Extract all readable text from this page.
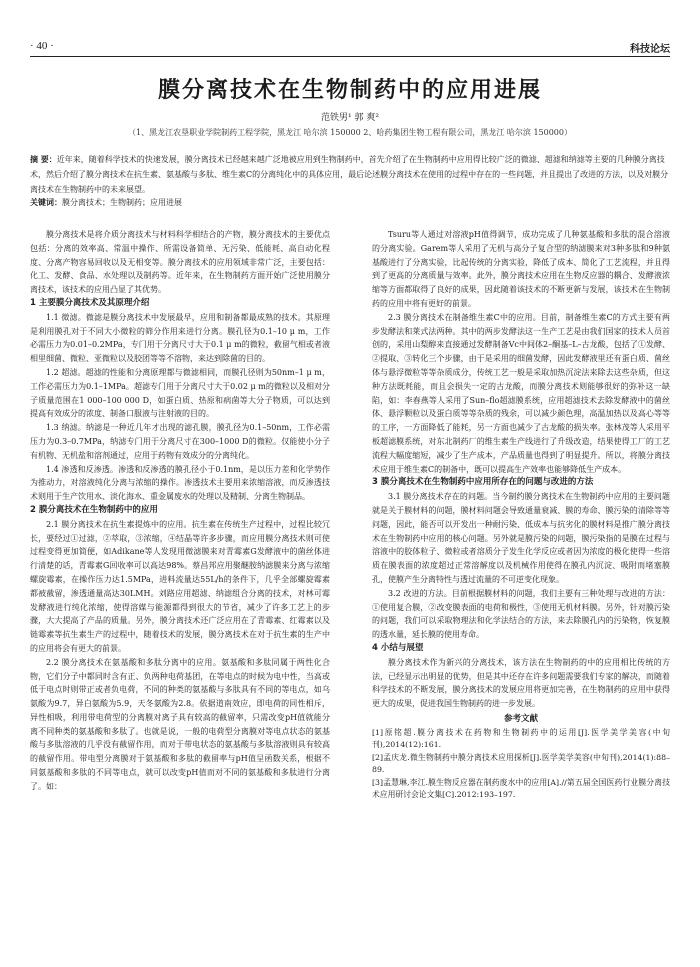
· 40 ·	科技论坛
膜分离技术在生物制药中的应用进展
范铁男¹ 郭 爽²
（1、黑龙江农垦职业学院制药工程学院，黑龙江 哈尔滨 150000 2、哈药集团生物工程有限公司，黑龙江 哈尔滨 150000）
摘 要：近年来，随着科学技术的快速发展，膜分离技术已经越来越广泛地被应用到生物制药中，首先介绍了在生物制药中应用得比较广泛的微滤、超滤和纳滤等主要的几种膜分离技术，然后介绍了膜分离技术在抗生素、氨基酸与多肽、维生素C的分离纯化中的具体应用，最后论述膜分离技术在使用的过程中存在的一些问题，并且提出了改进的方法，以及对膜分离技术在生物制药中的未来展望。
关键词：膜分离技术；生物制药；应用进展

膜分离技术是将介质分离技术与材料科学相结合的产物，膜分离技术的主要优点包括：分离的效率高、常温中操作、所需设备简单、无污染、低能耗、高自动化程度、分离产物容易回收以及无相变等。膜分离技术的应用领域非常广泛，主要包括：化工、发酵、食品、水处理以及制药等。近年来，在生物制药方面开始广泛使用膜分离技术，该技术的应用凸显了其优势。

1 主要膜分离技术及其原理介绍

1.1 微滤。微滤是膜分离技术中发展最早，应用和制备都最成熟的技术。其原理是利用膜孔对于不同大小微粒的筛分作用来进行分离。膜孔径为0.1–10 μ m，工作必需压力为0.01–0.2MPa，专门用于分离尺寸大于0.1 μ m的微粒，截留气相或者液相里细菌、微粒、亚微粒以及胶团等等不溶物，来达到除菌的目的。

1.2 超滤。超滤的性能和分离原理都与微滤相同，而膜孔径则为50nm–1 μ m，工作必需压力为0.1–1MPa。超滤专门用于分离尺寸大于0.02 μ m的微粒以及相对分子质量范围在1 000–100 000 D，如蛋白质、热原和病菌等大分子物质，可以达到提高有效成分的浓度、制备口服液与注射液的目的。

1.3 纳滤。纳滤是一种近几年才出现的滤孔膜，膜孔径为0.1–50nm，工作必需压力为0.3–0.7MPa，纳滤专门用于分离尺寸在300–1000 D的微粒。仅能使小分子有机物、无机盐和溶剂通过，应用于药物有效成分的分离纯化。

1.4 渗透和反渗透。渗透和反渗透的膜孔径小于0.1nm，是以压力差和化学势作为推动力，对溶液纯化分离与浓缩的操作。渗透技术主要用来浓缩溶液，而反渗透技术则用于生产饮用水、淡化海水、重金属废水的处理以及精制、分离生物制品。

2 膜分离技术在生物制药中的应用

2.1 膜分离技术在抗生素提炼中的应用。抗生素在传统生产过程中，过程比较冗长，要经过①过滤，②萃取，③浓缩，④结晶等许多步骤，而应用膜分离技术则可使过程变得更加简便，如Adikane等人发现用微滤膜来对青霉素G发酵液中的菌丝体进行清楚的话，青霉素G回收率可以高达98%。蔡昌邦应用聚醚胺纳滤膜来分离与浓缩螺旋霉素，在操作压力达1.5MPa，进料流量达55L/h的条件下，几乎全部螺旋霉素都被截留，渗透通量高达30LMH。刘路应用超滤、纳滤组合分离的技术，对林可霉发酵液进行纯化浓缩，使得溶媒与能源都得到很大的节省，减少了许多工艺上的步骤，大大提高了产品的质量。另外，膜分离技术还广泛应用在了青霉素、红霉素以及链霉素等抗生素生产的过程中，随着技术的发展，膜分离技术在对于抗生素的生产中的应用将会有更大的前景。

2.2 膜分离技术在氨基酸和多肽分离中的应用。氨基酸和多肽同属于两性化合物，它们分子中都同时含有正、负两种电荷基团，在等电点的时候为电中性，当高或低于电点时则带正或者负电荷，不同的种类的氨基酸与多肽具有不同的等电点，如乌氨酸为9.7，异白氨酸为5.9，天冬氨酸为2.8。依据道南效应，即电荷的同性相斥，异性相吸，利用带电荷型的分离膜对离子具有较高的截留率，只需改变pH值就能分离不同种类的氨基酸和多肽了。也就是说，一般的电荷型分离膜对等电点状态的氨基酸与多肽溶液的几乎没有截留作用，而对于带电状态的氨基酸与多肽溶液则具有较高的截留作用。带电型分离膜对于氨基酸和多肽的截留率与pH值呈函数关系，根据不同氨基酸和多肽的不同等电点，就可以改变pH值而对不同的氨基酸和多肽进行分离了。如：

Tsuru等人通过对溶液pH值得调节，成功完成了几种氨基酸和多肽的混合溶液的分离实验。Garem等人采用了无机与高分子复合型的纳滤膜来对3种多肽和9种氨基酸进行了分离实验，比起传统的分离实验，降低了成本、简化了工艺流程，并且得到了更高的分离质量与效率。此外，膜分离技术应用在生物反应器的耦合、发酵液浓缩等方面都取得了良好的成果，因此随着该技术的不断更新与发展，该技术在生物制药的应用中将有更好的前景。

2.3 膜分离技术在制备维生素C中的应用。目前，制备维生素C的方式主要有两步发酵法和莱式法两种。其中的两步发酵法这一生产工艺是由我们国家的技术人员首创的，采用山梨醇来直接通过发酵制备Vc中间体2–酮基–L–古龙酸，包括了①发酵、②提取、③转化三个步骤，由于是采用的细菌发酵，因此发酵液里还有蛋白质、菌丝体与悬浮微粒等等杂质成分，传统工艺一般是采取加热沉淀法来除去这些杂质，但这种方法既耗能，而且会损失一定的古龙酸，而膜分离技术则能够很好的弥补这一缺陷，如：李春燕等人采用了Sun–flo超滤膜系统，应用超滤技术去除发酵液中的菌丝体、悬浮颗粒以及蛋白质等等杂质的残余，可以减少颜色理，高温加热以及高心等等的工序，一方面降低了能耗，另一方面也减少了古龙酸的损失率。张林茂等人采用平板超滤膜系统，对东北制药厂的维生素生产线进行了升级改造，结果使得工厂的工艺流程大幅度缩短，减少了生产成本，产品质量也得到了明显提升。所以，将膜分离技术应用于维生素C的制备中，既可以提高生产效率也能够降低生产成本。

3 膜分离技术在生物制药中应用所存在的问题与改进的方法

3.1 膜分离技术存在的问题。当今制约膜分离技术在生物制药中应用的主要问题就是关于膜材料的问题，膜材料问题会导致通量衰减、膜的寿命、膜污染的清除等等问题，因此，能否可以开发出一种耐污染、低成本与抗劣化的膜材料是推广膜分离技术在生物制药中应用的核心问题。另外就是膜污染的问题，膜污染指的是膜在过程与溶液中的胶体粒子、微粒或者溶质分子发生化学反应或者因为浓度的极化使得一些溶质在膜表面的浓度超过正常溶解度以及机械作用使得在膜孔内沉淀、吸附而堵塞膜孔，使膜产生分离特性与透过流量的不可逆变化现象。

3.2 改进的方法。目前根据膜材料的问题，我们主要有三种处理与改进的方法：①使用复合膜，②改变膜表面的电荷和极性，③使用无机材料膜。另外，针对膜污染的问题，我们可以采取物理法和化学法结合的方法，来去除膜孔内的污染物，恢复膜的透水量，延长膜的使用寿命。

4 小结与展望

膜分离技术作为新兴的分离技术，该方法在生物制药的中的应用相比传统的方法，已经显示出明显的优势，但是其中还存在许多问题需要我们专家的解决，而随着科学技术的不断发展，膜分离技术的发展应用将更加完善，在生物制药的应用中获得更大的成果，促进我国生物制药的进一步发展。

参考文献
[1]原铭超.膜分离技术在药物和生物制药中的运用[J].医学美学美容(中旬刊),2014(12):161.
[2]孟庆龙.微生物制药中膜分离技术应用探析[J].医学美学美容(中旬刊),2014(1):88–89.
[3]孟慧琳,李江.膜生物反应器在制药废水中的应用[A].//第五届全国医药行业膜分离技术应用研讨会论文集[C].2012:193–197.
